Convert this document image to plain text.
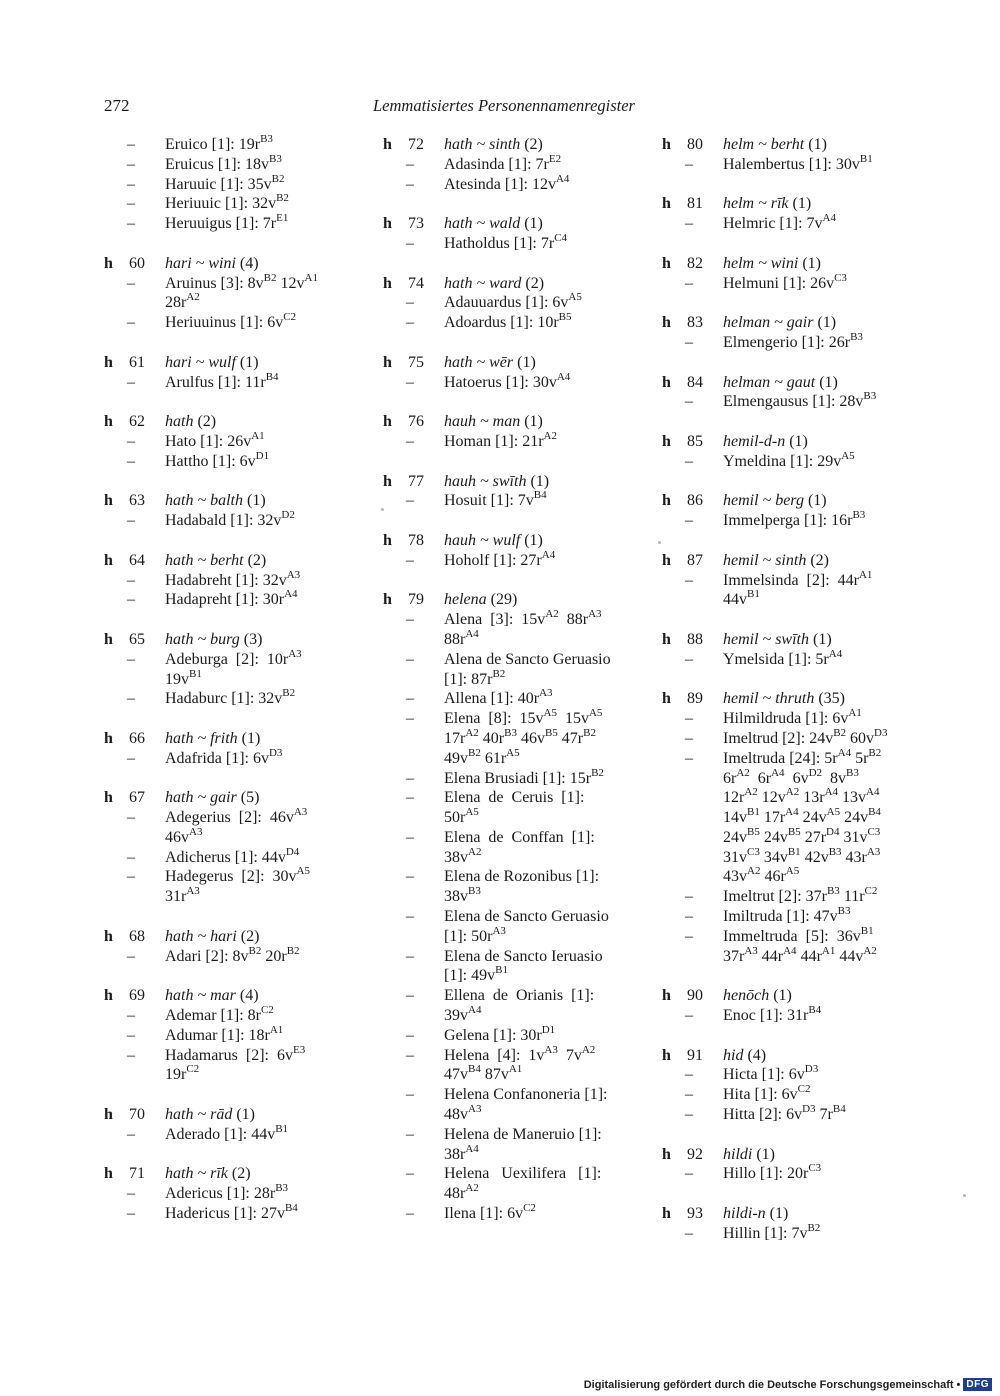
272	Lemmatisiertes Personennamenregister
– Eruico [1]: $19r^{B3}$
– Eruicus [1]: $18v^{B3}$
– Haruuic [1]: $35v^{B2}$
– Heriuuic [1]: $32v^{B2}$
– Heruuigus [1]: $7r^{E1}$
h 60	hari ~ wini (4)
– Aruinus [3]: $8v^{B2}$ $12v^{A1}$
$28r^{A2}$
– Heriuuinus [1]: $6v^{C2}$
h 61	hari ~ wulf (1)
– Arulfus [1]: $11r^{B4}$
h 62	hath (2)
– Hato [1]: $26v^{A1}$
– Hattho [1]: $6v^{D1}$
h 63	hath ~ balth (1)
– Hadabald [1]: $32v^{D2}$
h 64	hath ~ berht (2)
– Hadabreht [1]: $32v^{A3}$
– Hadapreht [1]: $30r^{A4}$
h 65	hath ~ burg (3)
– Adeburga  [2]:  $10r^{A3}$
$19v^{B1}$
– Hadaburc [1]: $32v^{B2}$
h 66	hath ~ frith (1)
– Adafrida [1]: $6v^{D3}$
h 67	hath ~ gair (5)
– Adegerius  [2]:  $46v^{A3}$
$46v^{A3}$
– Adicherus [1]: $44v^{D4}$
– Hadegerus  [2]:  $30v^{A5}$
$31r^{A3}$
h 68	hath ~ hari (2)
– Adari [2]: $8v^{B2}$ $20r^{B2}$
h 69	hath ~ mar (4)
– Ademar [1]: $8r^{C2}$
– Adumar [1]: $18r^{A1}$
– Hadamarus  [2]:  $6v^{E3}$
$19r^{C2}$
h 70	hath ~ rād (1)
– Aderado [1]: $44v^{B1}$
h 71	hath ~ rīk (2)
– Adericus [1]: $28r^{B3}$
– Hadericus [1]: $27v^{B4}$
h 72	hath ~ sinth (2)
– Adasinda [1]: $7r^{E2}$
– Atesinda [1]: $12v^{A4}$
h 73	hath ~ wald (1)
– Hatholdus [1]: $7r^{C4}$
h 74	hath ~ ward (2)
– Adauuardus [1]: $6v^{A5}$
– Adoardus [1]: $10r^{B5}$
h 75	hath ~ wēr (1)
– Hatoerus [1]: $30v^{A4}$
h 76	hauh ~ man (1)
– Homan [1]: $21r^{A2}$
h 77	hauh ~ swīth (1)
– Hosuit [1]: $7v^{B4}$
h 78	hauh ~ wulf (1)
– Hoholf [1]: $27r^{A4}$
h 79	helena (29)
– Alena  [3]:  $15v^{A2}$  $88r^{A3}$
$88r^{A4}$
– Alena de Sancto Geruasio
[1]: $87r^{B2}$
– Allena [1]: $40r^{A3}$
– Elena  [8]:  $15v^{A5}$  $15v^{A5}$
$17r^{A2}$ $40r^{B3}$ $46v^{B5}$ $47r^{B2}$
$49v^{B2}$ $61r^{A5}$
– Elena Brusiadi [1]: $15r^{B2}$
– Elena  de  Ceruis  [1]:
$50r^{A5}$
– Elena  de  Conffan  [1]:
$38v^{A2}$
– Elena de Rozonibus [1]:
$38v^{B3}$
– Elena de Sancto Geruasio
[1]: $50r^{A3}$
– Elena de Sancto Ieruasio
[1]: $49v^{B1}$
– Ellena  de  Orianis  [1]:
$39v^{A4}$
– Gelena [1]: $30r^{D1}$
– Helena  [4]:  $1v^{A3}$  $7v^{A2}$
$47v^{B4}$ $87v^{A1}$
– Helena Confanoneria [1]:
$48v^{A3}$
– Helena de Maneruio [1]:
$38r^{A4}$
– Helena   Uexilifera   [1]:
$48r^{A2}$
– Ilena [1]: $6v^{C2}$
h 80	helm ~ berht (1)
– Halembertus [1]: $30v^{B1}$
h 81	helm ~ rīk (1)
– Helmric [1]: $7v^{A4}$
h 82	helm ~ wini (1)
– Helmuni [1]: $26v^{C3}$
h 83	helman ~ gair (1)
– Elmengerio [1]: $26r^{B3}$
h 84	helman ~ gaut (1)
– Elmengausus [1]: $28v^{B3}$
h 85	hemil-d-n (1)
– Ymeldina [1]: $29v^{A5}$
h 86	hemil ~ berg (1)
– Immelperga [1]: $16r^{B3}$
h 87	hemil ~ sinth (2)
– Immelsinda  [2]:  $44r^{A1}$
$44v^{B1}$
h 88	hemil ~ swīth (1)
– Ymelsida [1]: $5r^{A4}$
h 89	hemil ~ thruth (35)
– Hilmildruda [1]: $6v^{A1}$
– Imeltrud [2]: $24v^{B2}$ $60v^{D3}$
– Imeltruda [24]: $5r^{A4}$ $5r^{B2}$
$6r^{A2}$  $6r^{A4}$  $6v^{D2}$  $8v^{B3}$
$12r^{A2}$ $12v^{A2}$ $13r^{A4}$ $13v^{A4}$
$14v^{B1}$ $17r^{A4}$ $24v^{A5}$ $24v^{B4}$
$24v^{B5}$ $24v^{B5}$ $27r^{D4}$ $31v^{C3}$
$31v^{C3}$ $34v^{B1}$ $42v^{B3}$ $43r^{A3}$
$43v^{A2}$ $46r^{A5}$
– Imeltrut [2]: $37r^{B3}$ $11r^{C2}$
– Imiltruda [1]: $47v^{B3}$
– Immeltruda  [5]:  $36v^{B1}$
$37r^{A3}$ $44r^{A4}$ $44r^{A1}$ $44v^{A2}$
h 90	henōch (1)
– Enoc [1]: $31r^{B4}$
h 91	hid (4)
– Hicta [1]: $6v^{D3}$
– Hita [1]: $6v^{C2}$
– Hitta [2]: $6v^{D3}$ $7r^{B4}$
h 92	hildi (1)
– Hillo [1]: $20r^{C3}$
h 93	hildi-n (1)
– Hillin [1]: $7v^{B2}$
Digitalisierung gefördert durch die Deutsche Forschungsgemeinschaft • DFG
